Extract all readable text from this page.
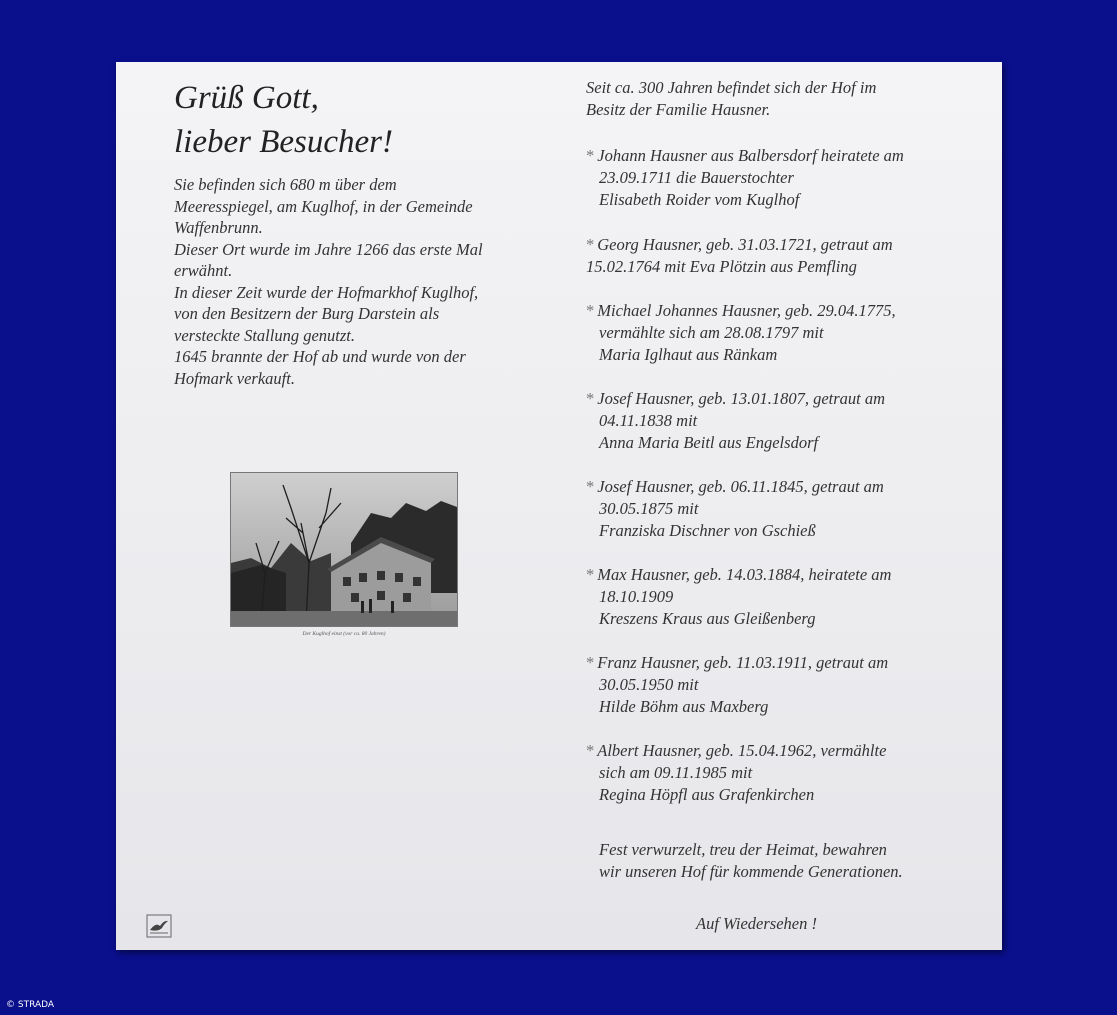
Grüß Gott,
lieber Besucher!
Sie befinden sich 680 m über dem
Meeresspiegel, am Kuglhof, in der Gemeinde
Waffenbrunn.
Dieser Ort wurde im Jahre 1266 das erste Mal
erwähnt.
In dieser Zeit wurde der Hofmarkhof Kuglhof,
von den Besitzern der Burg Darstein als
versteckte Stallung genutzt.
1645 brannte der Hof ab und wurde von der
Hofmark verkauft.
Der Kuglhof einst (vor ca. 80 Jahren)
Seit ca. 300 Jahren befindet sich der Hof im
Besitz der Familie Hausner.
* Johann Hausner aus Balbersdorf heiratete am
23.09.1711 die Bauerstochter
Elisabeth Roider vom Kuglhof
* Georg Hausner, geb. 31.03.1721, getraut am
15.02.1764 mit Eva Plötzin aus Pemfling
* Michael Johannes Hausner, geb. 29.04.1775,
vermählte sich am 28.08.1797 mit
Maria Iglhaut aus Ränkam
* Josef Hausner, geb. 13.01.1807, getraut am
04.11.1838 mit
Anna Maria Beitl aus Engelsdorf
* Josef Hausner, geb. 06.11.1845, getraut am
30.05.1875 mit
Franziska Dischner von Gschieß
* Max Hausner, geb. 14.03.1884, heiratete am
18.10.1909
Kreszens Kraus aus Gleißenberg
* Franz Hausner, geb. 11.03.1911, getraut am
30.05.1950 mit
Hilde Böhm aus Maxberg
* Albert Hausner, geb. 15.04.1962, vermählte
sich am 09.11.1985 mit
Regina Höpfl aus Grafenkirchen
Fest verwurzelt, treu der Heimat, bewahren
wir unseren Hof für kommende Generationen.
Auf Wiedersehen !
© STRADA
